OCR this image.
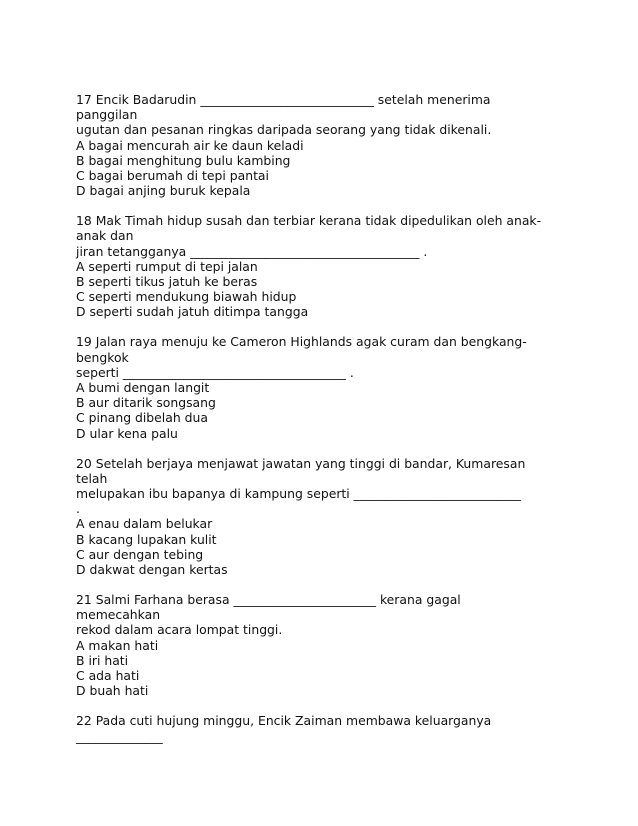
17 Encik Badarudin ____________________________ setelah menerima
panggilan
ugutan dan pesanan ringkas daripada seorang yang tidak dikenali.
A bagai mencurah air ke daun keladi
B bagai menghitung bulu kambing
C bagai berumah di tepi pantai
D bagai anjing buruk kepala
18 Mak Timah hidup susah dan terbiar kerana tidak dipedulikan oleh anak-
anak dan
jiran tetangganya _____________________________________ .
A seperti rumput di tepi jalan
B seperti tikus jatuh ke beras
C seperti mendukung biawah hidup
D seperti sudah jatuh ditimpa tangga
19 Jalan raya menuju ke Cameron Highlands agak curam dan bengkang-
bengkok
seperti ____________________________________ .
A bumi dengan langit
B aur ditarik songsang
C pinang dibelah dua
D ular kena palu
20 Setelah berjaya menjawat jawatan yang tinggi di bandar, Kumaresan
telah
melupakan ibu bapanya di kampung seperti ___________________________
.
A enau dalam belukar
B kacang lupakan kulit
C aur dengan tebing
D dakwat dengan kertas
21 Salmi Farhana berasa _______________________ kerana gagal
memecahkan
rekod dalam acara lompat tinggi.
A makan hati
B iri hati
C ada hati
D buah hati
22 Pada cuti hujung minggu, Encik Zaiman membawa keluarganya
______________
